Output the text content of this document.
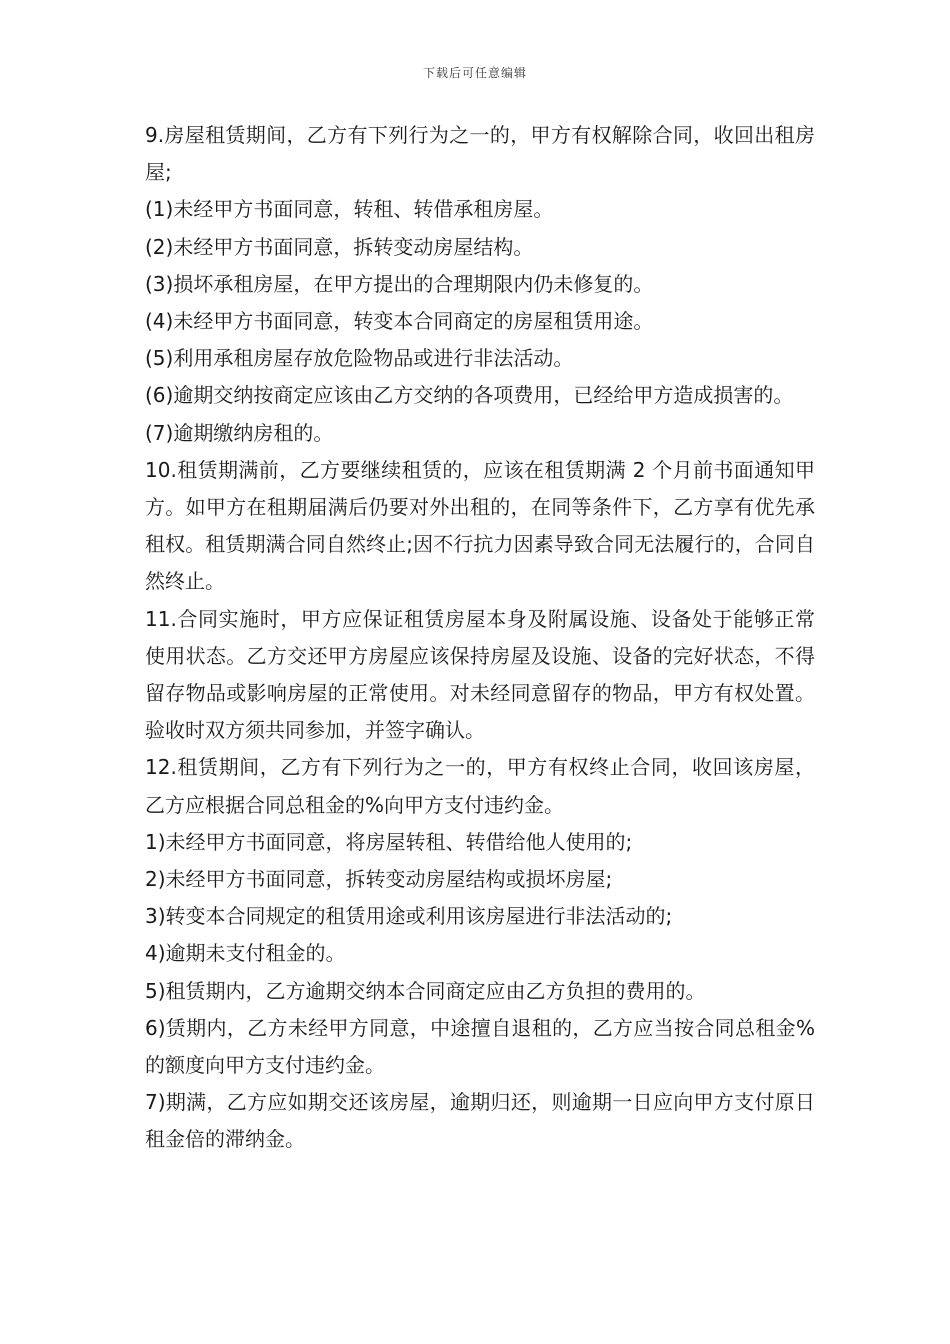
下载后可任意编辑

9.房屋租赁期间，乙方有下列行为之一的，甲方有权解除合同，收回出租房屋;

(1)未经甲方书面同意，转租、转借承租房屋。

(2)未经甲方书面同意，拆转变动房屋结构。

(3)损坏承租房屋，在甲方提出的合理期限内仍未修复的。

(4)未经甲方书面同意，转变本合同商定的房屋租赁用途。

(5)利用承租房屋存放危险物品或进行非法活动。

(6)逾期交纳按商定应该由乙方交纳的各项费用，已经给甲方造成损害的。

(7)逾期缴纳房租的。

10.租赁期满前，乙方要继续租赁的，应该在租赁期满 2 个月前书面通知甲方。如甲方在租期届满后仍要对外出租的，在同等条件下，乙方享有优先承租权。租赁期满合同自然终止;因不行抗力因素导致合同无法履行的，合同自然终止。

11.合同实施时，甲方应保证租赁房屋本身及附属设施、设备处于能够正常使用状态。乙方交还甲方房屋应该保持房屋及设施、设备的完好状态，不得留存物品或影响房屋的正常使用。对未经同意留存的物品，甲方有权处置。验收时双方须共同参加，并签字确认。

12.租赁期间，乙方有下列行为之一的，甲方有权终止合同，收回该房屋，乙方应根据合同总租金的%向甲方支付违约金。

1)未经甲方书面同意，将房屋转租、转借给他人使用的;

2)未经甲方书面同意，拆转变动房屋结构或损坏房屋;

3)转变本合同规定的租赁用途或利用该房屋进行非法活动的;

4)逾期未支付租金的。

5)租赁期内，乙方逾期交纳本合同商定应由乙方负担的费用的。

6)赁期内，乙方未经甲方同意，中途擅自退租的，乙方应当按合同总租金%的额度向甲方支付违约金。

7)期满，乙方应如期交还该房屋，逾期归还，则逾期一日应向甲方支付原日租金倍的滞纳金。
